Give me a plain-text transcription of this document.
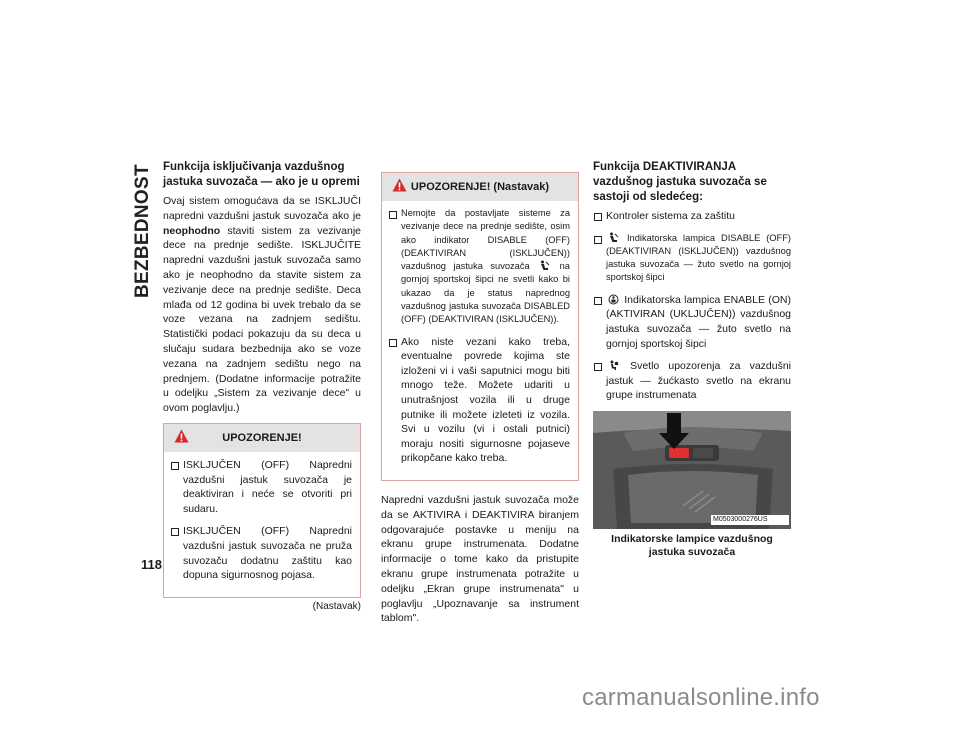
BEZBEDNOST
118

Funkcija isključivanja vazdušnog jastuka suvozača — ako je u opremi

Ovaj sistem omogućava da se ISKLJUČI naprednі vazdušni jastuk suvozača ako je neophodno staviti sistem za vezivanje dece na prednje sedište. ISKLJUČITE napredni vazdušni jastuk suvozača samo ako je neophodno da stavite sistem za vezivanje dece na prednje sedište. Deca mlađa od 12 godina bi uvek trebalo da se voze vezana na zadnjem sedištu. Statistički podaci pokazuju da su deca u slučaju sudara bezbednija ako se voze vezana na zadnjem sedištu nego na prednjem. (Dodatne informacije potražite u odeljku „Sistem za vezivanje dece" u ovom poglavlju.)

UPOZORENJE!
ISKLJUČEN (OFF) Napredni vazdušni jastuk suvozača je deaktiviran i neće se otvoriti pri sudaru.
ISKLJUČEN (OFF) Napredni vazdušni jastuk suvozača ne pruža suvozaču dodatnu zaštitu kao dopuna sigurnosnog pojasa.
(Nastavak)
UPOZORENJE! (Nastavak)
Nemojte da postavljate sisteme za vezivanje dece na prednje sedište, osim ako indikator DISABLE (OFF) (DEAKTIVIRAN (ISKLJUČEN)) vazdušnog jastuka suvozača	na gornjoj sportskoj šipci ne svetli kako bi ukazao da je status naprednog vazdušnog jastuka suvozača DISABLED (OFF) (DEAKTIVIRAN (ISKLJUČEN)).
Ako niste vezani kako treba, eventualne povrede kojima ste izloženi vi i vaši saputnici mogu biti mnogo teže. Možete udariti u unutrašnjost vozila ili u druge putnike ili možete izleteti iz vozila. Svi u vozilu (vi i ostali putnici) moraju nositi sigurnosne pojaseve prikopčane kako treba.

Napredni vazdušni jastuk suvozača može da se AKTIVIRA i DEAKTIVIRA biranjem odgovarajuće postavke u meniju na ekranu grupe instrumenata. Dodatne informacije o tome kako da pristupite ekranu grupe instrumenata potražite u odeljku „Ekran grupe instrumenata" u poglavlju „Upoznavanje sa instrument tablom".

Funkcija DEAKTIVIRANJA vazdušnog jastuka suvozača se sastoji od sledećeg:

Kontroler sistema za zaštitu
Indikatorska lampica DISABLE (OFF) (DEAKTIVIRAN (ISKLJUČEN)) vazdušnog jastuka suvozača — žuto svetlo na gornjoj sportskoj šipci
Indikatorska lampica ENABLE (ON) (AKTIVIRAN (UKLJUČEN)) vazdušnog jastuka suvozača — žuto svetlo na gornjoj sportskoj šipci
Svetlo upozorenja za vazdušni jastuk — žućkasto svetlo na ekranu grupe instrumenata
M0503000276US
Indikatorske lampice vazdušnog jastuka suvozača
carmanualsonline.info
